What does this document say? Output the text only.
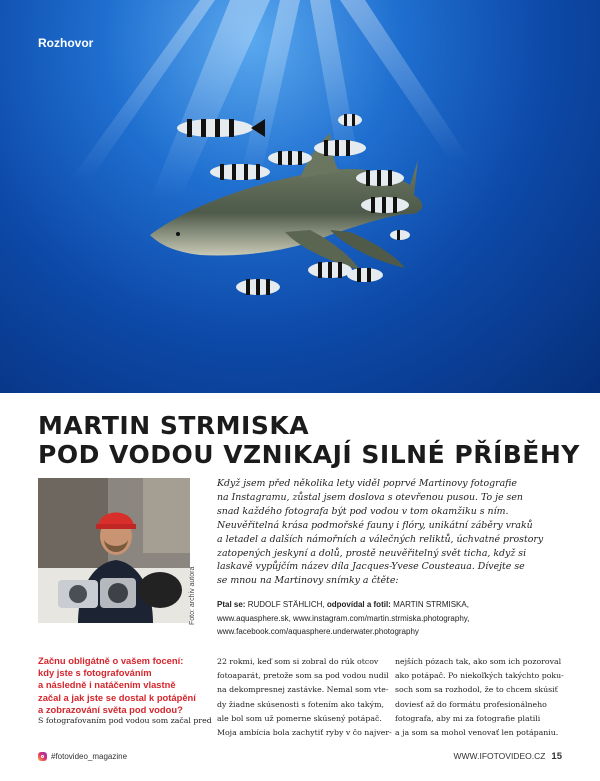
Rozhovor
MARTIN STRMISKA
POD VODOU VZNIKAJÍ SILNÉ PŘÍBĚHY
Foto: archiv autora
Když jsem před několika lety viděl poprvé Martinovy fotografie
na Instagramu, zůstal jsem doslova s otevřenou pusou. To je sen
snad každého fotografa být pod vodou v tom okamžiku s ním.
Neuvěřitelná krása podmořské fauny i flóry, unikátní záběry vraků
a letadel a dalších námořních a válečných reliktů, úchvatné prostory
zatopených jeskyní a dolů, prostě neuvěřitelný svět ticha, když si
laskavě vypůjčím název díla Jacques-Yvese Cousteaua. Dívejte se
se mnou na Martinovy snímky a čtěte:
Ptal se: RUDOLF STÄHLICH, odpovídal a fotil: MARTIN STRMISKA,
www.aquasphere.sk, www.instagram.com/martin.strmiska.photography,
www.facebook.com/aquasphere.underwater.photography
Začnu obligátně o vašem focení:
kdy jste s fotografováním
a následně i natáčením vlastně
začal a jak jste se dostal k potápění
a zobrazování světa pod vodou?
S fotografovaním pod vodou som začal pred
22 rokmi, keď som si zobral do rúk otcov
fotoaparát, pretože som sa pod vodou nudil
na dekompresnej zastávke. Nemal som vte-
dy žiadne skúsenosti s fotením ako takým,
ale bol som už pomerne skúsený potápač.
Moja ambícia bola zachytiť ryby v čo najver-
nejších pózach tak, ako som ich pozoroval
ako potápač. Po niekoľkých takýchto poku-
soch som sa rozhodol, že to chcem skúsiť
doviesť až do formátu profesionálneho
fotografa, aby mi za fotografie platili
a ja som sa mohol venovať len potápaniu.
#fotovideo_magazine	WWW.IFOTOVIDEO.CZ 15
